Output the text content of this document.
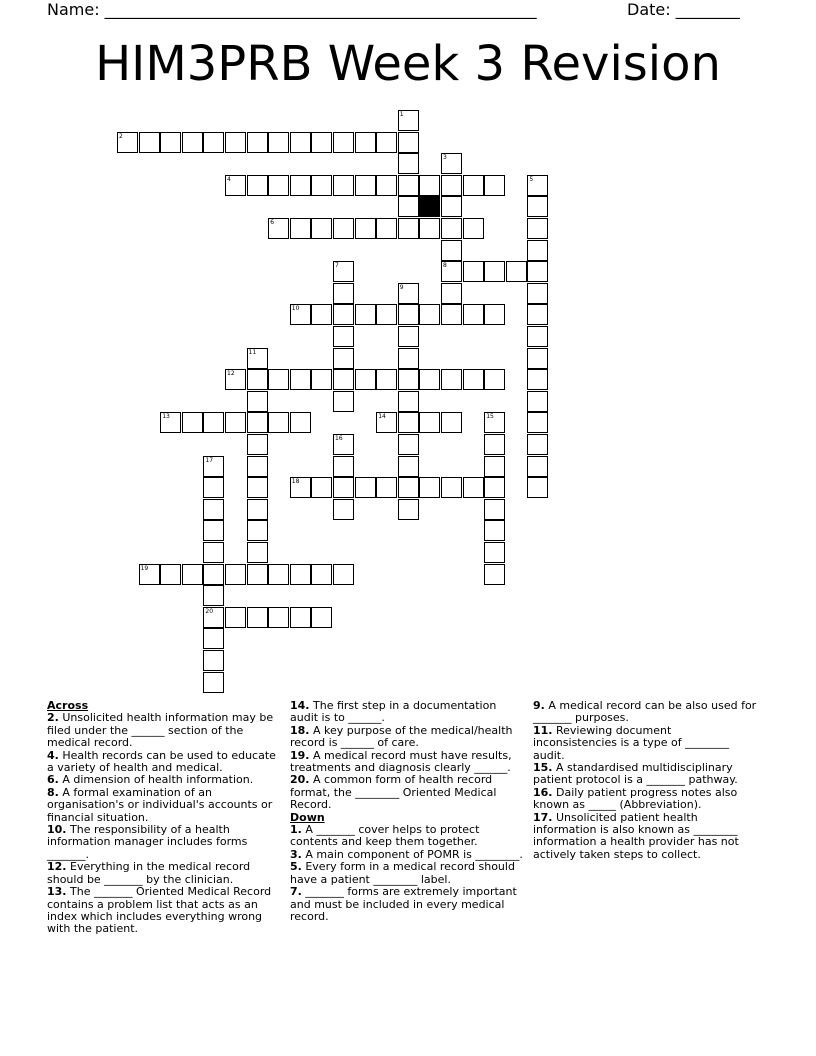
Name: ______________________________________________________	Date: ________
HIM3PRB Week 3 Revision
1
2
3
8
4	5
6
7
9
10
11
12
13	14	15
16
17
20
18
19
Across

2. Unsolicited health information may be filed under the ______ section of the medical record.

4. Health records can be used to educate a variety of health and medical.

6. A dimension of health information.

8. A formal examination of an organisation's or individual's accounts or financial situation.

10. The responsibility of a health information manager includes forms _______.

12. Everything in the medical record should be _______ by the clinician.

13. The _______ Oriented Medical Record contains a problem list that acts as an index which includes everything wrong with the patient.

14. The first step in a documentation audit is to ______.

18. A key purpose of the medical/health record is ______ of care.

19. A medical record must have results, treatments and diagnosis clearly ______.

20. A common form of health record format, the ________ Oriented Medical Record.

Down

1. A _______ cover helps to protect contents and keep them together.

3. A main component of POMR is ________.

5. Every form in a medical record should have a patient ________ label.

7. _______ forms are extremely important and must be included in every medical record.

9. A medical record can be also used for _______ purposes.

11. Reviewing document inconsistencies is a type of ________ audit.

15. A standardised multidisciplinary patient protocol is a _______ pathway.

16. Daily patient progress notes also known as _____ (Abbreviation).

17. Unsolicited patient health information is also known as ________ information a health provider has not actively taken steps to collect.
